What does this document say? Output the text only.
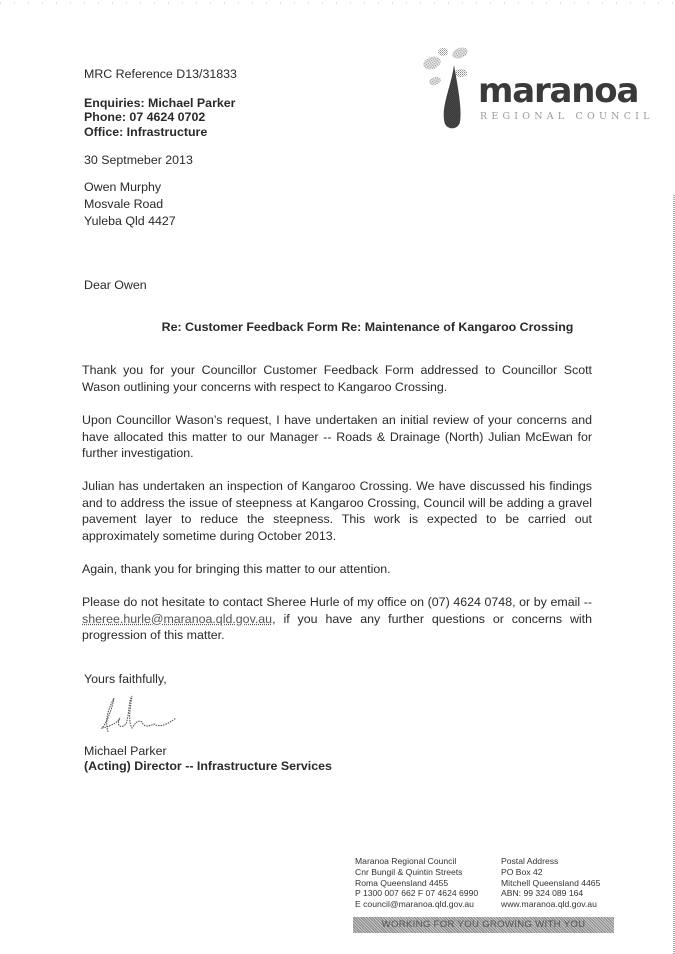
MRC Reference D13/31833
Enquiries: Michael Parker
Phone: 07 4624 0702
Office: Infrastructure
30 Septmeber 2013
maranoa
REGIONAL COUNCIL
Owen Murphy
Mosvale Road
Yuleba Qld 4427
Dear Owen
Re: Customer Feedback Form Re: Maintenance of Kangaroo Crossing

Thank you for your Councillor Customer Feedback Form addressed to Councillor Scott Wason outlining your concerns with respect to Kangaroo Crossing.

Upon Councillor Wason’s request, I have undertaken an initial review of your concerns and have allocated this matter to our Manager -- Roads & Drainage (North) Julian McEwan for further investigation.

Julian has undertaken an inspection of Kangaroo Crossing. We have discussed his findings and to address the issue of steepness at Kangaroo Crossing, Council will be adding a gravel pavement layer to reduce the steepness. This work is expected to be carried out approximately sometime during October 2013.

Again, thank you for bringing this matter to our attention.

Please do not hesitate to contact Sheree Hurle of my office on (07) 4624 0748, or by email -- sheree.hurle@maranoa.qld.gov.au, if you have any further questions or concerns with progression of this matter.

Yours faithfully,
Michael Parker
(Acting) Director -- Infrastructure Services
Maranoa Regional Council
Cnr Bungil & Quintin Streets
Roma Queensland 4455
P 1300 007 662 F 07 4624 6990
E council@maranoa.qld.gov.au
Postal Address
PO Box 42
Mitchell Queensland 4465
ABN: 99 324 089 164
www.maranoa.qld.gov.au
WORKING FOR YOU GROWING WITH YOU
